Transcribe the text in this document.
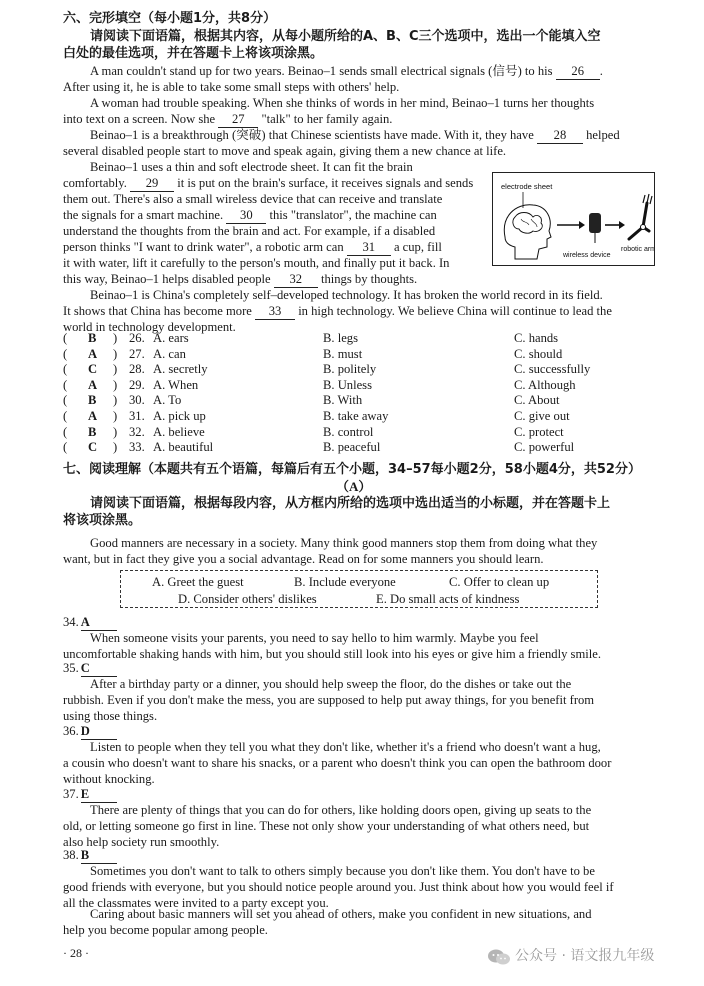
六、完形填空（每小题1分，共8分）
请阅读下面语篇，根据其内容，从每小题所给的A、B、C三个选项中，选出一个能填入空
白处的最佳选项，并在答题卡上将该项涂黑。
A man couldn't stand up for two years. Beinao–1 sends small electrical signals (信号) to his 26 .
After using it, he is able to take some small steps with others' help.
A woman had trouble speaking. When she thinks of words in her mind, Beinao–1 turns her thoughts
into text on a screen. Now she 27 "talk" to her family again.
Beinao–1 is a breakthrough (突破) that Chinese scientists have made. With it, they have 28 helped
several disabled people start to move and speak again, giving them a new chance at life.
Beinao–1 uses a thin and soft electrode sheet. It can fit the brain
comfortably. 29 it is put on the brain's surface, it receives signals and sends
them out. There's also a small wireless device that can receive and translate
the signals for a smart machine. 30 this "translator", the machine can
understand the thoughts from the brain and act. For example, if a disabled
person thinks "I want to drink water", a robotic arm can 31 a cup, fill
it with water, lift it carefully to the person's mouth, and finally put it back. In
this way, Beinao–1 helps disabled people 32 things by thoughts.
electrode sheet
robotic arm
wireless device
Beinao–1 is China's completely self–developed technology. It has broken the world record in its field.
It shows that China has become more 33 in high technology. We believe China will continue to lead the
world in technology development.
( B ) 26. A. ears	B. legs	C. hands
( A ) 27. A. can	B. must	C. should
( C ) 28. A. secretly	B. politely	C. successfully
( A ) 29. A. When	B. Unless	C. Although
( B ) 30. A. To	B. With	C. About
( A ) 31. A. pick up	B. take away	C. give out
( B ) 32. A. believe	B. control	C. protect
( C ) 33. A. beautiful	B. peaceful	C. powerful
七、阅读理解（本题共有五个语篇，每篇后有五个小题，34–57每小题2分，58小题4分，共52分）
（A）
请阅读下面语篇，根据每段内容，从方框内所给的选项中选出适当的小标题，并在答题卡上
将该项涂黑。
Good manners are necessary in a society. Many think good manners stop them from doing what they
want, but in fact they give you a social advantage. Read on for some manners you should learn.
A. Greet the guest	B. Include everyone	C. Offer to clean up
D. Consider others' dislikes	E. Do small acts of kindness
34. A
When someone visits your parents, you need to say hello to him warmly. Maybe you feel
uncomfortable shaking hands with him, but you should still look into his eyes or give him a friendly smile.
35. C
After a birthday party or a dinner, you should help sweep the floor, do the dishes or take out the
rubbish. Even if you don't make the mess, you are supposed to help put away things, for you benefit from
using those things.
36. D
Listen to people when they tell you what they don't like, whether it's a friend who doesn't want a hug,
a cousin who doesn't want to share his snacks, or a parent who doesn't think you can open the bathroom door
without knocking.
37. E
There are plenty of things that you can do for others, like holding doors open, giving up seats to the
old, or letting someone go first in line. These not only show your understanding of what others need, but
also help society run smoothly.
38. B
Sometimes you don't want to talk to others simply because you don't like them. You don't have to be
good friends with everyone, but you should notice people around you. Just think about how you would feel if
all the classmates were invited to a party except you.
Caring about basic manners will set you ahead of others, make you confident in new situations, and
help you become popular among people.
· 28 ·	公众号 · 语文报九年级
